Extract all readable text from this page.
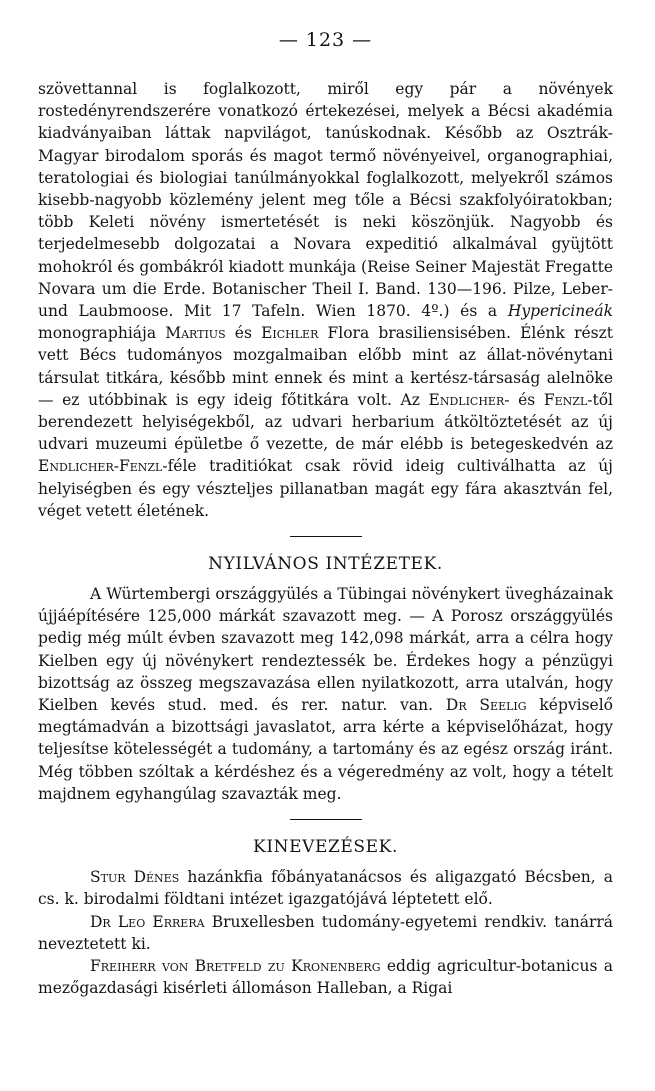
— 123 —

szövettannal is foglalkozott, miről egy pár a növények rostedényrendszerére vonatkozó értekezései, melyek a Bécsi akadémia kiadványaiban láttak napvilágot, tanúskodnak. Később az Osztrák-Magyar birodalom sporás és magot termő növényeivel, organographiai, teratologiai és biologiai tanúlmányokkal foglalkozott, melyekről számos kisebb-nagyobb közlemény jelent meg tőle a Bécsi szakfolyóiratokban; több Keleti növény ismertetését is neki köszönjük. Nagyobb és terjedelmesebb dolgozatai a Novara expeditió alkalmával gyüjtött mohokról és gombákról kiadott munkája (Reise Seiner Majestät Fregatte Novara um die Erde. Botanischer Theil I. Band. 130—196. Pilze, Leber- und Laubmoose. Mit 17 Tafeln. Wien 1870. 4º.) és a Hypericineák monographiája Martius és Eichler Flora brasiliensisében. Élénk részt vett Bécs tudományos mozgalmaiban előbb mint az állat-növénytani társulat titkára, később mint ennek és mint a kertész-társaság alelnöke — ez utóbbinak is egy ideig főtitkára volt. Az Endlicher- és Fenzl-től berendezett helyiségekből, az udvari herbarium átköltöztetését az új udvari muzeumi épületbe ő vezette, de már elébb is betegeskedvén az Endlicher-Fenzl-féle traditiókat csak rövid ideig cultiválhatta az új helyiségben és egy vészteljes pillanatban magát egy fára akasztván fel, véget vetett életének.

NYILVÁNOS INTÉZETEK.

A Würtembergi országgyülés a Tübingai növénykert üvegházainak újjáépítésére 125,000 márkát szavazott meg. — A Porosz országgyülés pedig még múlt évben szavazott meg 142,098 márkát, arra a célra hogy Kielben egy új növénykert rendeztessék be. Érdekes hogy a pénzügyi bizottság az összeg megszavazása ellen nyilatkozott, arra utalván, hogy Kielben kevés stud. med. és rer. natur. van. Dr Seelig képviselő megtámadván a bizottsági javaslatot, arra kérte a képviselőházat, hogy teljesítse kötelességét a tudomány, a tartomány és az egész ország iránt. Még többen szóltak a kérdéshez és a végeredmény az volt, hogy a tételt majdnem egyhangúlag szavazták meg.

KINEVEZÉSEK.

Stur Dénes hazánkfia főbányatanácsos és aligazgató Bécsben, a cs. k. birodalmi földtani intézet igazgatójává léptetett elő.

Dr Leo Errera Bruxellesben tudomány-egyetemi rendkiv. tanárrá neveztetett ki.

Freiherr von Bretfeld zu Kronenberg eddig agricultur-botanicus a mezőgazdasági kisérleti állomáson Halleban, a Rigai
